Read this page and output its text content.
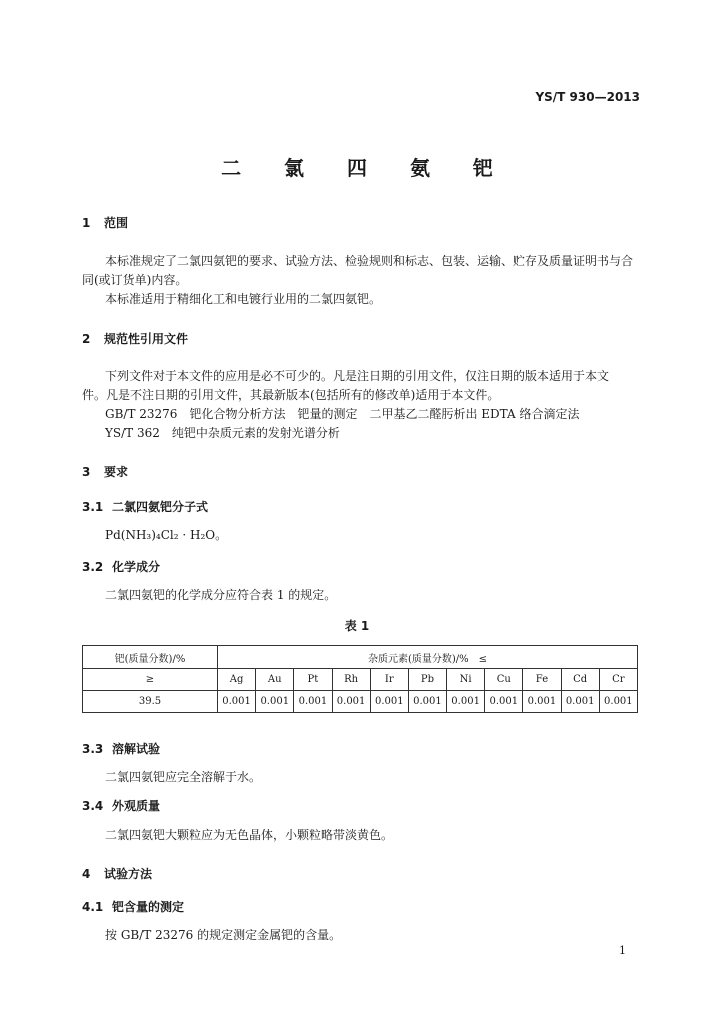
YS/T 930—2013
二 氯 四 氨 钯
1 范围
本标准规定了二氯四氨钯的要求、试验方法、检验规则和标志、包装、运输、贮存及质量证明书与合
同(或订货单)内容。
本标准适用于精细化工和电镀行业用的二氯四氨钯。
2 规范性引用文件
下列文件对于本文件的应用是必不可少的。凡是注日期的引用文件，仅注日期的版本适用于本文
件。凡是不注日期的引用文件，其最新版本(包括所有的修改单)适用于本文件。
GB/T 23276　钯化合物分析方法　钯量的测定　二甲基乙二醛肟析出 EDTA 络合滴定法
YS/T 362　纯钯中杂质元素的发射光谱分析
3 要求
3.1 二氯四氨钯分子式
Pd(NH₃)₄Cl₂ · H₂O。
3.2 化学成分
二氯四氨钯的化学成分应符合表 1 的规定。
表 1
钯(质量分数)/%	杂质元素(质量分数)/%　≤										
≥	Ag	Au	Pt	Rh	Ir	Pb	Ni	Cu	Fe	Cd	Cr
39.5	0.001	0.001	0.001	0.001	0.001	0.001	0.001	0.001	0.001	0.001	0.001
3.3 溶解试验
二氯四氨钯应完全溶解于水。
3.4 外观质量
二氯四氨钯大颗粒应为无色晶体，小颗粒略带淡黄色。
4 试验方法
4.1 钯含量的测定
按 GB/T 23276 的规定测定金属钯的含量。
1
